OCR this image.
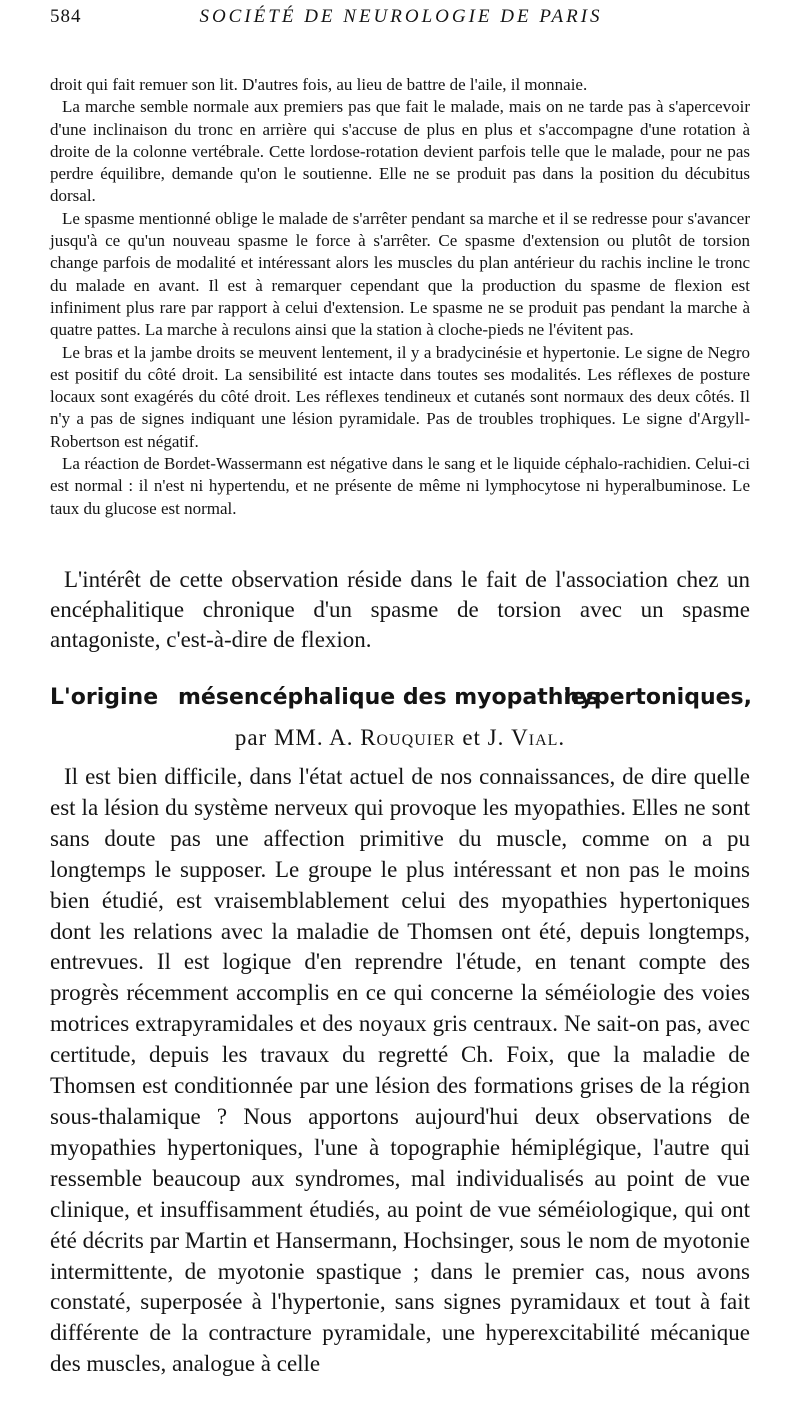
584	SOCIÉTÉ DE NEUROLOGIE DE PARIS

droit qui fait remuer son lit. D'autres fois, au lieu de battre de l'aile, il monnaie.

La marche semble normale aux premiers pas que fait le malade, mais on ne tarde pas à s'apercevoir d'une inclinaison du tronc en arrière qui s'accuse de plus en plus et s'accompagne d'une rotation à droite de la colonne vertébrale. Cette lordose-rotation devient parfois telle que le malade, pour ne pas perdre équilibre, demande qu'on le soutienne. Elle ne se produit pas dans la position du décubitus dorsal.

Le spasme mentionné oblige le malade de s'arrêter pendant sa marche et il se redresse pour s'avancer jusqu'à ce qu'un nouveau spasme le force à s'arrêter. Ce spasme d'extension ou plutôt de torsion change parfois de modalité et intéressant alors les muscles du plan antérieur du rachis incline le tronc du malade en avant. Il est à remarquer cependant que la production du spasme de flexion est infiniment plus rare par rapport à celui d'extension. Le spasme ne se produit pas pendant la marche à quatre pattes. La marche à reculons ainsi que la station à cloche-pieds ne l'évitent pas.

Le bras et la jambe droits se meuvent lentement, il y a bradycinésie et hypertonie. Le signe de Negro est positif du côté droit. La sensibilité est intacte dans toutes ses modalités. Les réflexes de posture locaux sont exagérés du côté droit. Les réflexes tendineux et cutanés sont normaux des deux côtés. Il n'y a pas de signes indiquant une lésion pyramidale. Pas de troubles trophiques. Le signe d'Argyll-Robertson est négatif.

La réaction de Bordet-Wassermann est négative dans le sang et le liquide céphalo-rachidien. Celui-ci est normal : il n'est ni hypertendu, et ne présente de même ni lymphocytose ni hyperalbuminose. Le taux du glucose est normal.

L'intérêt de cette observation réside dans le fait de l'association chez un encéphalitique chronique d'un spasme de torsion avec un spasme antagoniste, c'est-à-dire de flexion.

L'origine mésencéphalique des myopathies
hypertoniques,
par MM. A. Rouquier et J. Vial.

Il est bien difficile, dans l'état actuel de nos connaissances, de dire quelle est la lésion du système nerveux qui provoque les myopathies. Elles ne sont sans doute pas une affection primitive du muscle, comme on a pu longtemps le supposer. Le groupe le plus intéressant et non pas le moins bien étudié, est vraisemblablement celui des myopathies hypertoniques dont les relations avec la maladie de Thomsen ont été, depuis longtemps, entrevues. Il est logique d'en reprendre l'étude, en tenant compte des progrès récemment accomplis en ce qui concerne la séméiologie des voies motrices extrapyramidales et des noyaux gris centraux. Ne sait-on pas, avec certitude, depuis les travaux du regretté Ch. Foix, que la maladie de Thomsen est conditionnée par une lésion des formations grises de la région sous-thalamique ? Nous apportons aujourd'hui deux observations de myopathies hypertoniques, l'une à topographie hémiplégique, l'autre qui ressemble beaucoup aux syndromes, mal individualisés au point de vue clinique, et insuffisamment étudiés, au point de vue séméiologique, qui ont été décrits par Martin et Hansermann, Hochsinger, sous le nom de myotonie intermittente, de myotonie spastique ; dans le premier cas, nous avons constaté, superposée à l'hypertonie, sans signes pyramidaux et tout à fait différente de la contracture pyramidale, une hyperexcitabilité mécanique des muscles, analogue à celle
